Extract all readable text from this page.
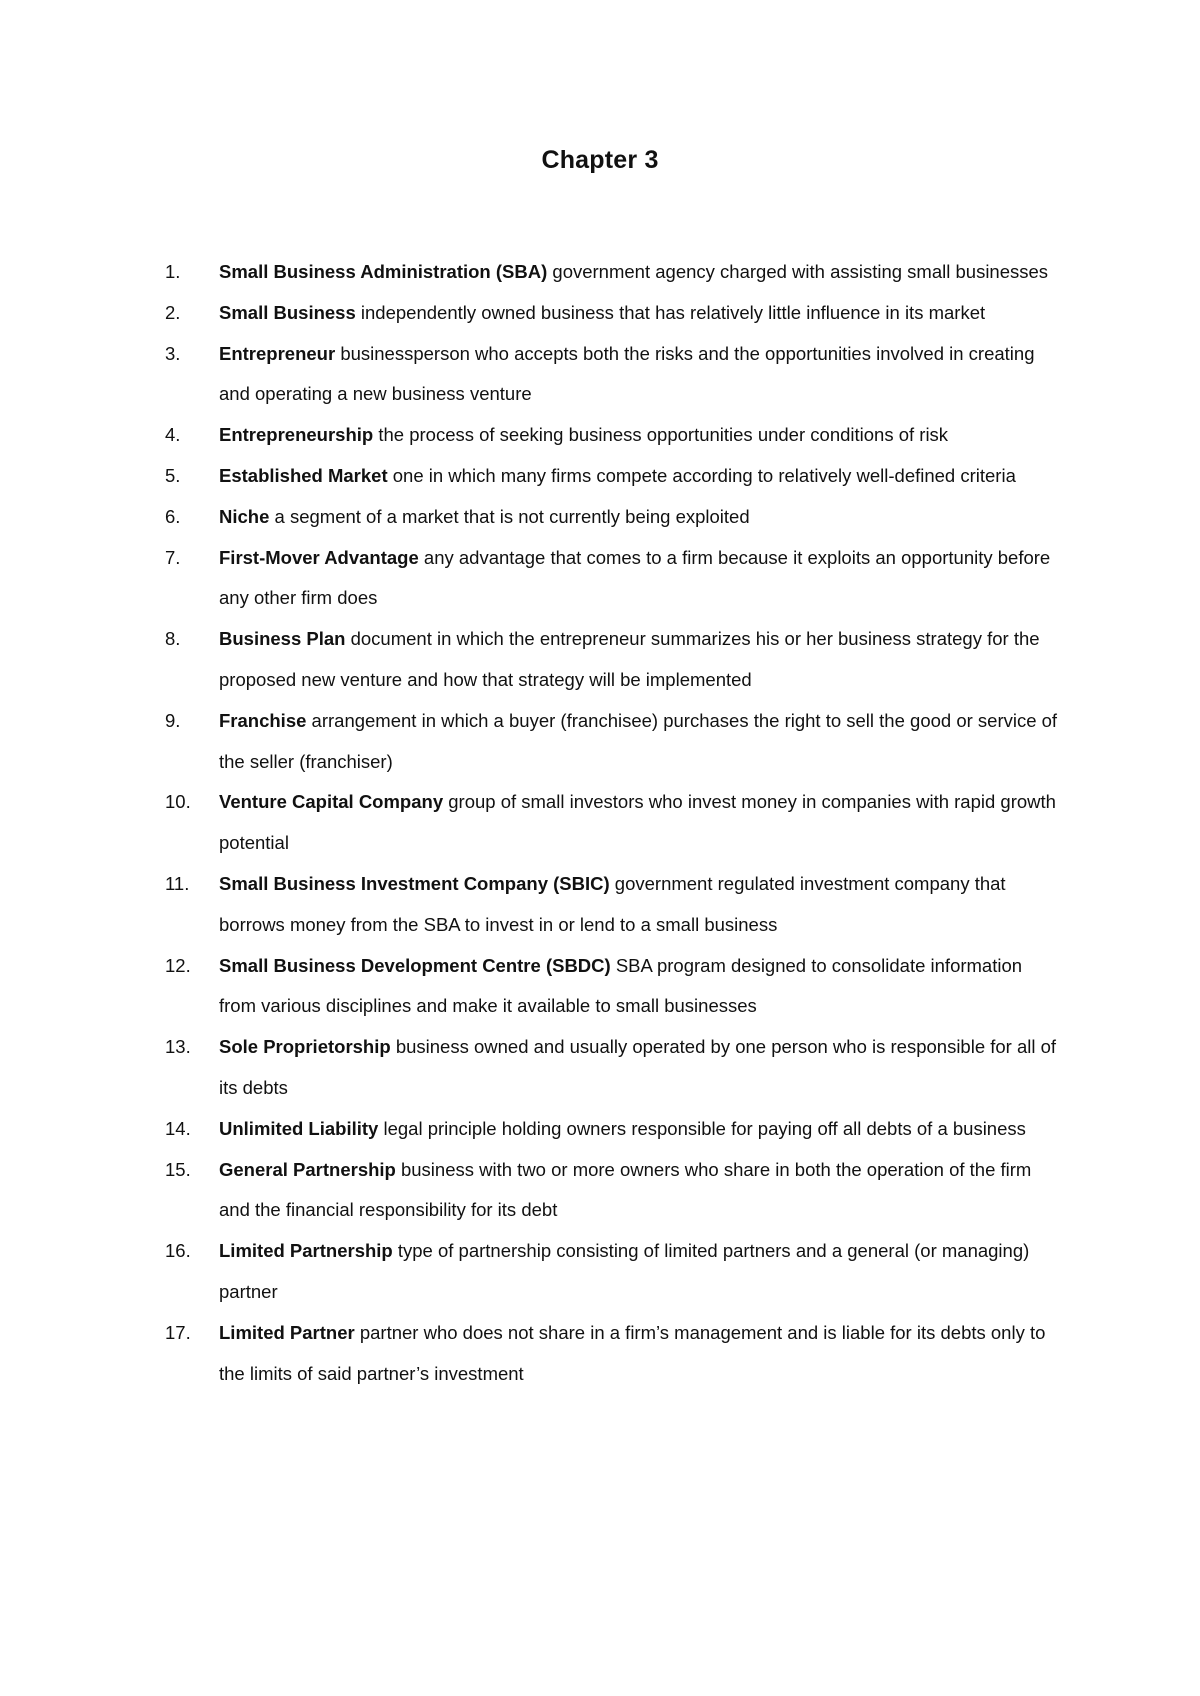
Chapter 3
1. Small Business Administration (SBA) government agency charged with assisting small businesses
2. Small Business independently owned business that has relatively little influence in its market
3. Entrepreneur businessperson who accepts both the risks and the opportunities involved in creating and operating a new business venture
4. Entrepreneurship the process of seeking business opportunities under conditions of risk
5. Established Market one in which many firms compete according to relatively well-defined criteria
6. Niche a segment of a market that is not currently being exploited
7. First-Mover Advantage any advantage that comes to a firm because it exploits an opportunity before any other firm does
8. Business Plan document in which the entrepreneur summarizes his or her business strategy for the proposed new venture and how that strategy will be implemented
9. Franchise arrangement in which a buyer (franchisee) purchases the right to sell the good or service of the seller (franchiser)
10. Venture Capital Company group of small investors who invest money in companies with rapid growth potential
11. Small Business Investment Company (SBIC) government regulated investment company that borrows money from the SBA to invest in or lend to a small business
12. Small Business Development Centre (SBDC) SBA program designed to consolidate information from various disciplines and make it available to small businesses
13. Sole Proprietorship business owned and usually operated by one person who is responsible for all of its debts
14. Unlimited Liability legal principle holding owners responsible for paying off all debts of a business
15. General Partnership business with two or more owners who share in both the operation of the firm and the financial responsibility for its debt
16. Limited Partnership type of partnership consisting of limited partners and a general (or managing) partner
17. Limited Partner partner who does not share in a firm’s management and is liable for its debts only to the limits of said partner’s investment
